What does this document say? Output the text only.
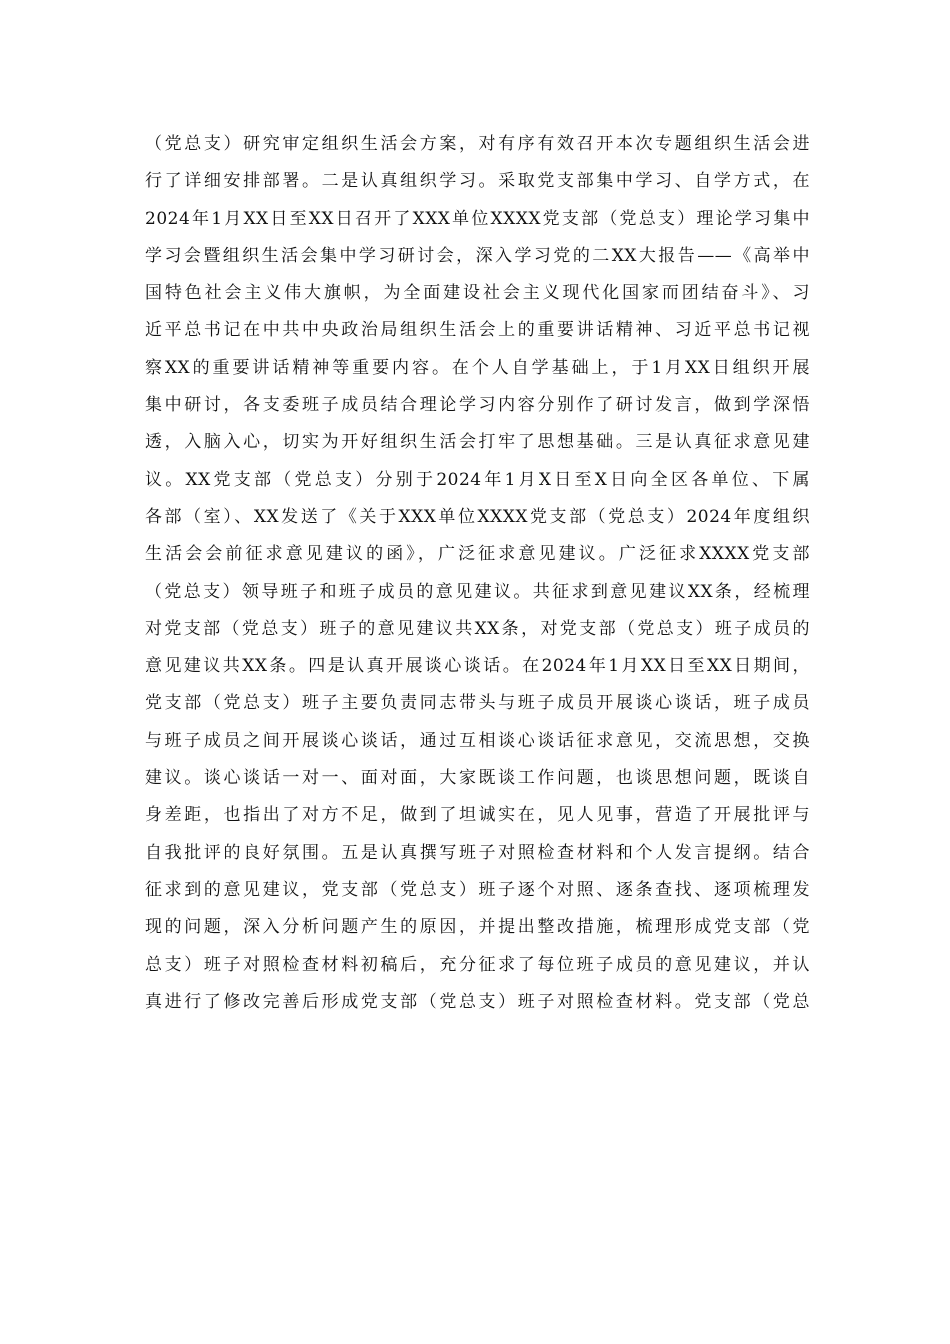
（党总支）研究审定组织生活会方案，对有序有效召开本次专题组织生活会进
行了详细安排部署。二是认真组织学习。采取党支部集中学习、自学方式，在
2024年1月XX日至XX日召开了XXX单位XXXX党支部（党总支）理论学习集中
学习会暨组织生活会集中学习研讨会，深入学习党的二XX大报告——《高举中
国特色社会主义伟大旗帜，为全面建设社会主义现代化国家而团结奋斗》、习
近平总书记在中共中央政治局组织生活会上的重要讲话精神、习近平总书记视
察XX的重要讲话精神等重要内容。在个人自学基础上，于1月XX日组织开展
集中研讨，各支委班子成员结合理论学习内容分别作了研讨发言，做到学深悟
透，入脑入心，切实为开好组织生活会打牢了思想基础。三是认真征求意见建
议。XX党支部（党总支）分别于2024年1月X日至X日向全区各单位、下属
各部（室）、XX发送了《关于XXX单位XXXX党支部（党总支）2024年度组织
生活会会前征求意见建议的函》，广泛征求意见建议。广泛征求XXXX党支部
（党总支）领导班子和班子成员的意见建议。共征求到意见建议XX条，经梳理
对党支部（党总支）班子的意见建议共XX条，对党支部（党总支）班子成员的
意见建议共XX条。四是认真开展谈心谈话。在2024年1月XX日至XX日期间，
党支部（党总支）班子主要负责同志带头与班子成员开展谈心谈话，班子成员
与班子成员之间开展谈心谈话，通过互相谈心谈话征求意见，交流思想，交换
建议。谈心谈话一对一、面对面，大家既谈工作问题，也谈思想问题，既谈自
身差距，也指出了对方不足，做到了坦诚实在，见人见事，营造了开展批评与
自我批评的良好氛围。五是认真撰写班子对照检查材料和个人发言提纲。结合
征求到的意见建议，党支部（党总支）班子逐个对照、逐条查找、逐项梳理发
现的问题，深入分析问题产生的原因，并提出整改措施，梳理形成党支部（党
总支）班子对照检查材料初稿后，充分征求了每位班子成员的意见建议，并认
真进行了修改完善后形成党支部（党总支）班子对照检查材料。党支部（党总
